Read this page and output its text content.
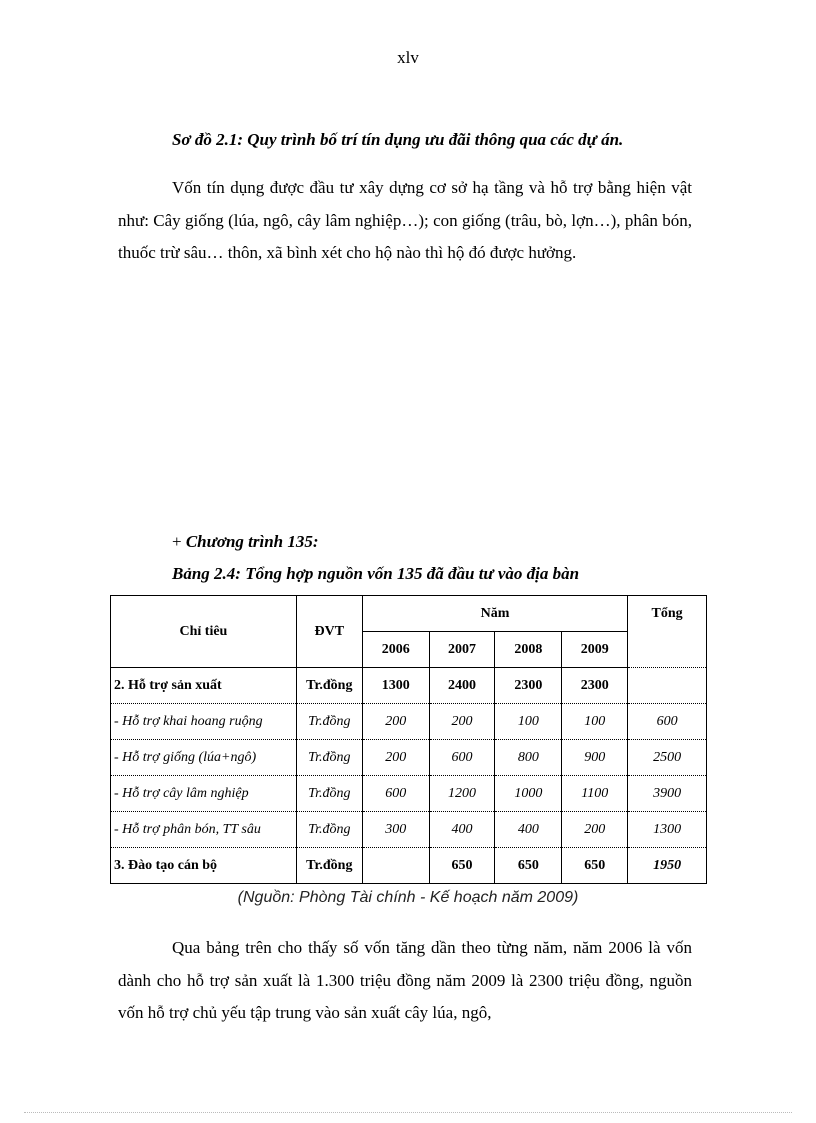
xlv
Sơ đồ 2.1: Quy trình bố trí tín dụng ưu đãi thông qua các dự án.

Vốn tín dụng được đầu tư xây dựng cơ sở hạ tầng và hỗ trợ bằng hiện vật như: Cây giống (lúa, ngô, cây lâm nghiệp…); con giống (trâu, bò, lợn…), phân bón, thuốc trừ sâu… thôn, xã bình xét cho hộ nào thì hộ đó được hưởng.

+ Chương trình 135:
Bảng 2.4: Tổng hợp nguồn vốn 135 đã đầu tư vào địa bàn
Chỉ tiêu	ĐVT	Năm				Tổng
		2006	2007	2008	2009	
2. Hỗ trợ sản xuất	Tr.đồng	1300	2400	2300	2300	
- Hỗ trợ khai hoang ruộng	Tr.đồng	200	200	100	100	600
- Hỗ trợ giống (lúa+ngô)	Tr.đồng	200	600	800	900	2500
- Hỗ trợ cây lâm nghiệp	Tr.đồng	600	1200	1000	1100	3900
- Hỗ trợ phân bón, TT sâu	Tr.đồng	300	400	400	200	1300
3. Đào tạo cán bộ	Tr.đồng		650	650	650	1950
(Nguồn: Phòng Tài chính - Kế hoạch năm 2009)

Qua bảng trên cho thấy số vốn tăng dần theo từng năm, năm 2006 là vốn dành cho hỗ trợ sản xuất là 1.300 triệu đồng năm 2009 là 2300 triệu đồng, nguồn vốn hỗ trợ chủ yếu tập trung vào sản xuất cây lúa, ngô,
